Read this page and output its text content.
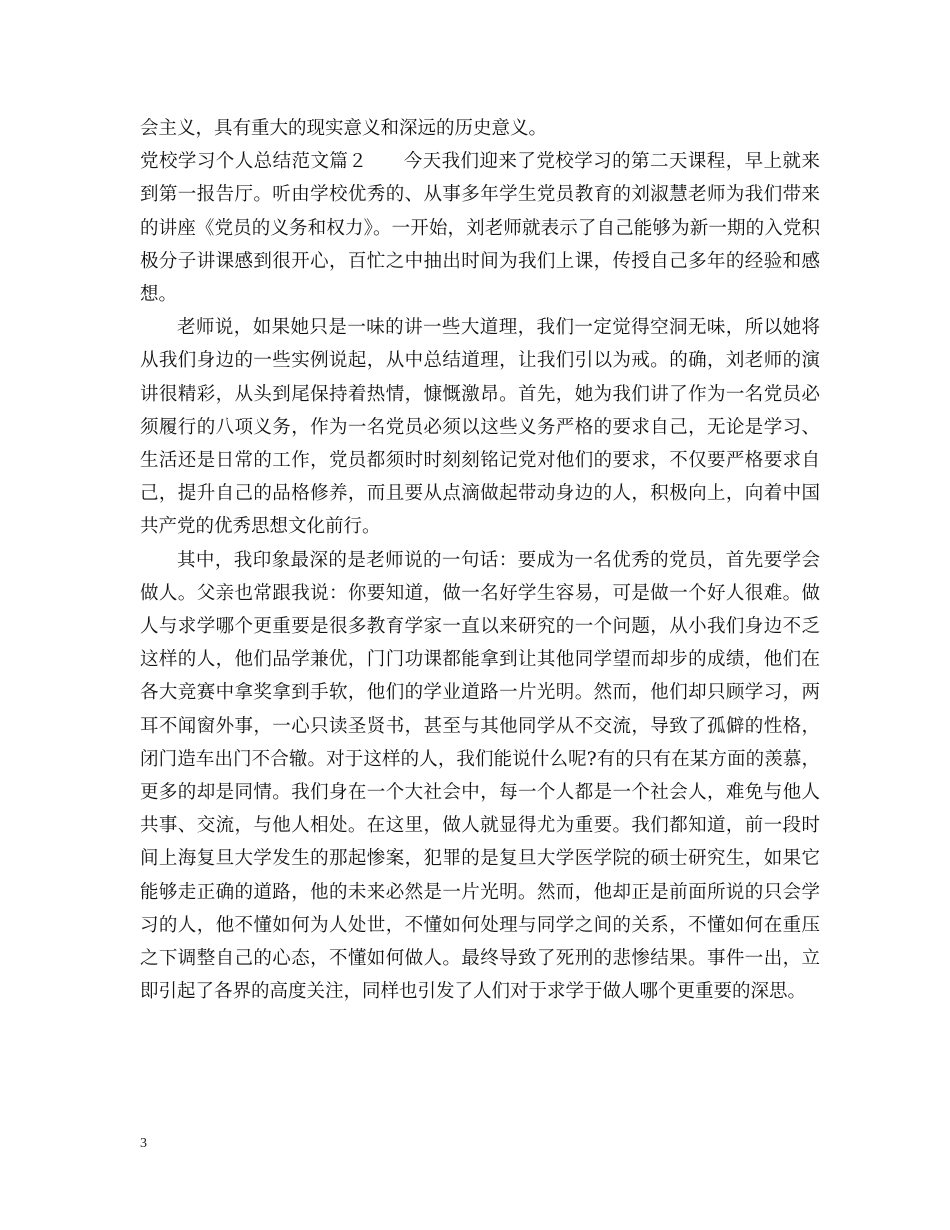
会主义，具有重大的现实意义和深远的历史意义。

党校学习个人总结范文篇２ 今天我们迎来了党校学习的第二天课程，早上就来到第一报告厅。听由学校优秀的、从事多年学生党员教育的刘淑慧老师为我们带来的讲座《党员的义务和权力》。一开始，刘老师就表示了自己能够为新一期的入党积极分子讲课感到很开心，百忙之中抽出时间为我们上课，传授自己多年的经验和感想。

老师说，如果她只是一味的讲一些大道理，我们一定觉得空洞无味，所以她将从我们身边的一些实例说起，从中总结道理，让我们引以为戒。的确，刘老师的演讲很精彩，从头到尾保持着热情，慷慨激昂。首先，她为我们讲了作为一名党员必须履行的八项义务，作为一名党员必须以这些义务严格的要求自己，无论是学习、生活还是日常的工作，党员都须时时刻刻铭记党对他们的要求，不仅要严格要求自己，提升自己的品格修养，而且要从点滴做起带动身边的人，积极向上，向着中国共产党的优秀思想文化前行。

其中，我印象最深的是老师说的一句话：要成为一名优秀的党员，首先要学会做人。父亲也常跟我说：你要知道，做一名好学生容易，可是做一个好人很难。做人与求学哪个更重要是很多教育学家一直以来研究的一个问题，从小我们身边不乏这样的人，他们品学兼优，门门功课都能拿到让其他同学望而却步的成绩，他们在各大竞赛中拿奖拿到手软，他们的学业道路一片光明。然而，他们却只顾学习，两耳不闻窗外事，一心只读圣贤书，甚至与其他同学从不交流，导致了孤僻的性格，闭门造车出门不合辙。对于这样的人，我们能说什么呢?有的只有在某方面的羡慕，更多的却是同情。我们身在一个大社会中，每一个人都是一个社会人，难免与他人共事、交流，与他人相处。在这里，做人就显得尤为重要。我们都知道，前一段时间上海复旦大学发生的那起惨案，犯罪的是复旦大学医学院的硕士研究生，如果它能够走正确的道路，他的未来必然是一片光明。然而，他却正是前面所说的只会学习的人，他不懂如何为人处世，不懂如何处理与同学之间的关系，不懂如何在重压之下调整自己的心态，不懂如何做人。最终导致了死刑的悲惨结果。事件一出，立即引起了各界的高度关注，同样也引发了人们对于求学于做人哪个更重要的深思。

3
